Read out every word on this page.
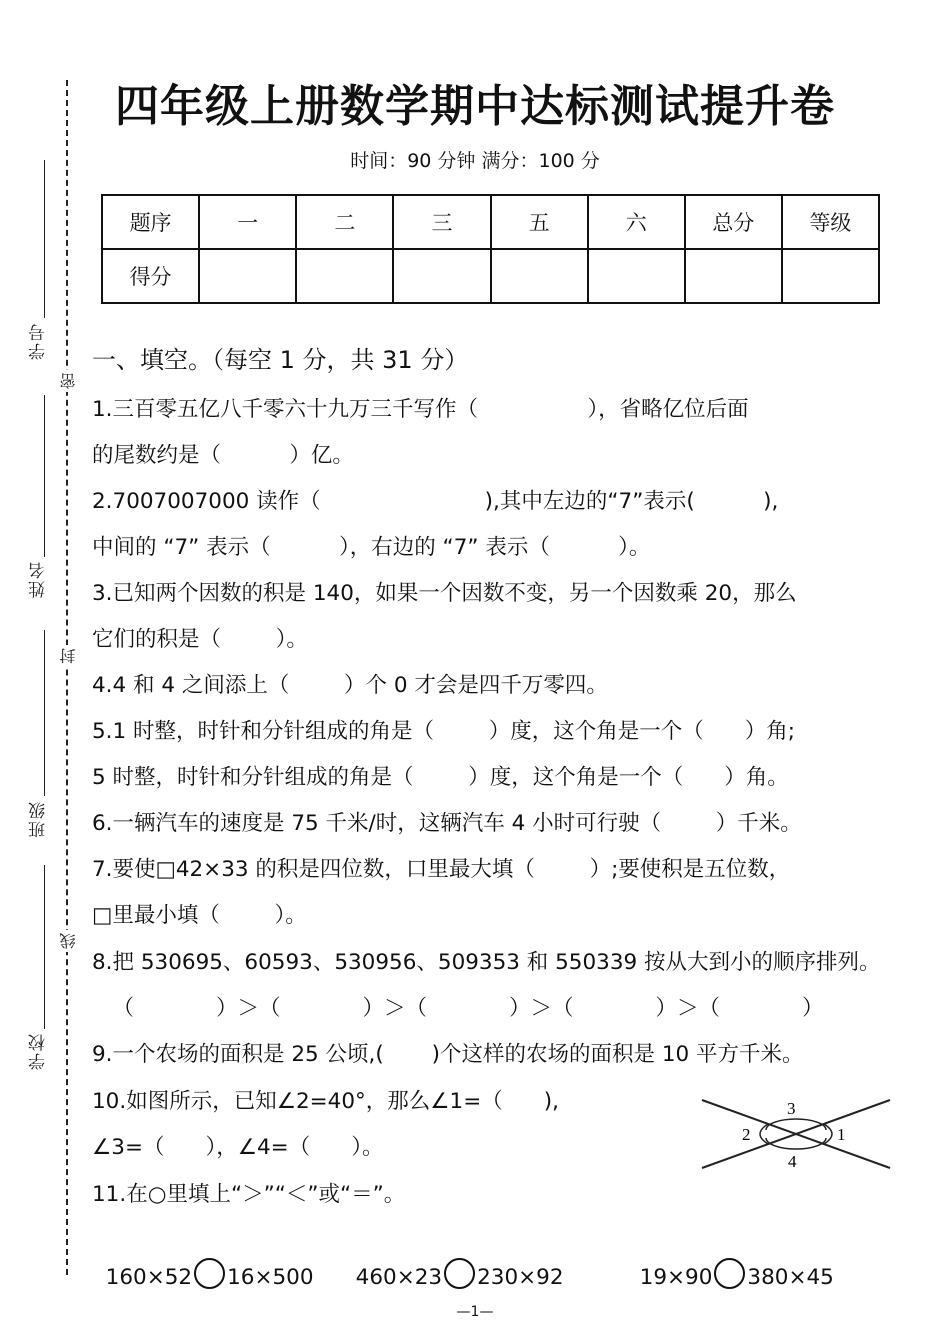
学号
姓名
班级
学校
密
封
线
四年级上册数学期中达标测试提升卷
时间：90 分钟 满分：100 分
题序	一	二	三	五	六	总分	等级
得分							
一、填空。（每空 1 分，共 31 分）
1.三百零五亿八千零六十九万三千写作（                ），省略亿位后面
的尾数约是（          ）亿。
2.7007007000 读作（                        ),其中左边的“7”表示(          ),
中间的 “7” 表示（          ），右边的 “7” 表示（          ）。
3.已知两个因数的积是 140，如果一个因数不变，另一个因数乘 20，那么
它们的积是（        ）。
4.4 和 4 之间添上（        ）个 0 才会是四千万零四。
5.1 时整，时针和分针组成的角是（        ）度，这个角是一个（      ）角;
5 时整，时针和分针组成的角是（        ）度，这个角是一个（      ）角。
6.一辆汽车的速度是 75 千米/时，这辆汽车 4 小时可行驶（        ）千米。
7.要使□42×33 的积是四位数，口里最大填（        ）;要使积是五位数，
□里最小填（        ）。
8.把 530695、60593、530956、509353 和 550339 按从大到小的顺序排列。
（            ）＞（            ）＞（            ）＞（            ）＞（            ）
9.一个农场的面积是 25 公顷,(       )个这样的农场的面积是 10 平方千米。
10.如图所示，已知∠2=40°，那么∠1=（      ),
∠3=（      ），∠4=（      ）。
11.在○里填上“＞”“＜”或“＝”。
3
2	1
4

160×52 16×500	460×23 230×92	19×90 380×45

—1—
